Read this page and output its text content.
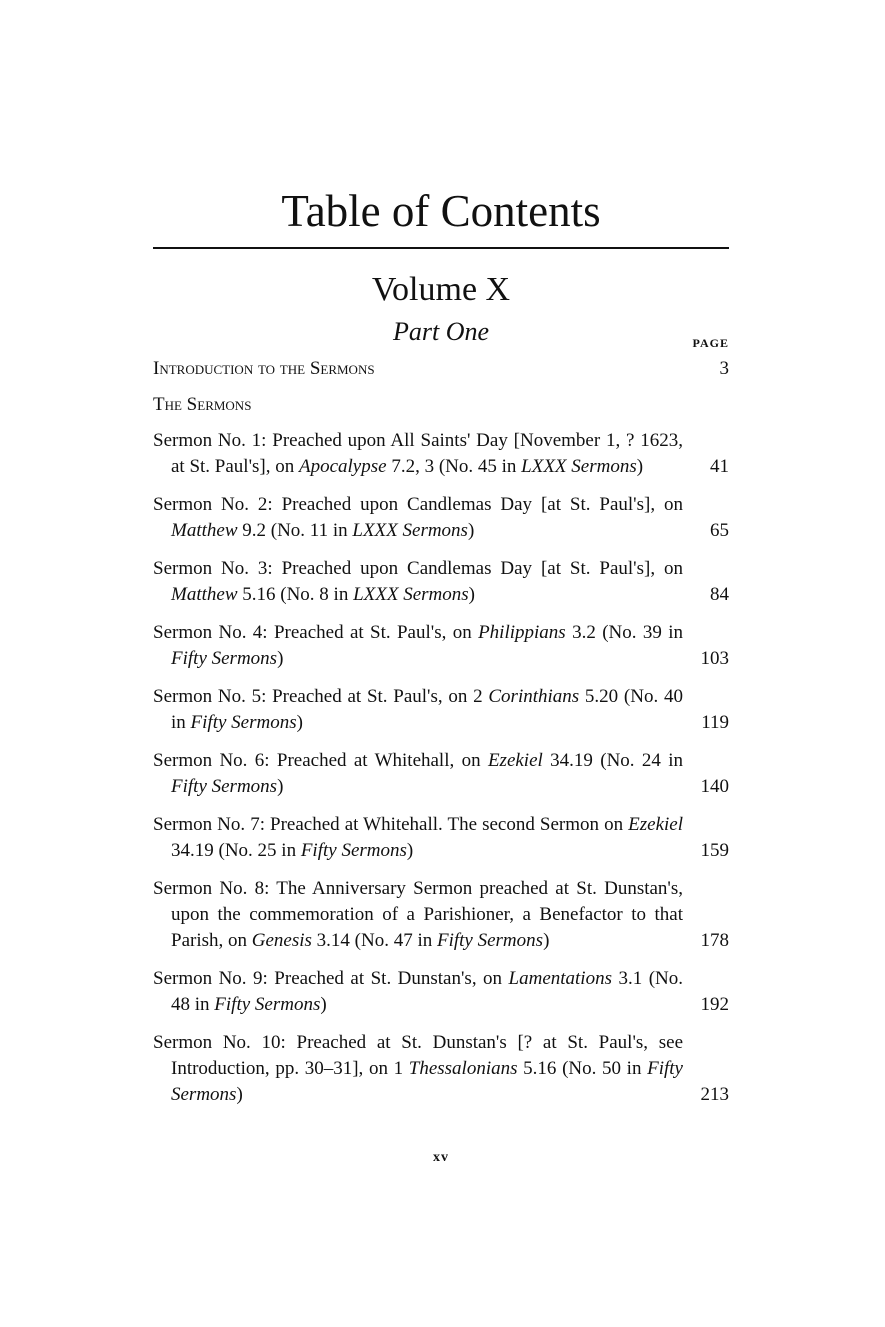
Table of Contents
Volume X
Part One	PAGE
Introduction to the Sermons	3
The Sermons
Sermon No. 1: Preached upon All Saints' Day [November 1, ? 1623, at St. Paul's], on Apocalypse 7.2, 3 (No. 45 in LXXX Sermons)	41
Sermon No. 2: Preached upon Candlemas Day [at St. Paul's], on Matthew 9.2 (No. 11 in LXXX Sermons)	65
Sermon No. 3: Preached upon Candlemas Day [at St. Paul's], on Matthew 5.16 (No. 8 in LXXX Sermons)	84
Sermon No. 4: Preached at St. Paul's, on Philippians 3.2 (No. 39 in Fifty Sermons)	103
Sermon No. 5: Preached at St. Paul's, on 2 Corinthians 5.20 (No. 40 in Fifty Sermons)	119
Sermon No. 6: Preached at Whitehall, on Ezekiel 34.19 (No. 24 in Fifty Sermons)	140
Sermon No. 7: Preached at Whitehall. The second Sermon on Ezekiel 34.19 (No. 25 in Fifty Sermons)	159
Sermon No. 8: The Anniversary Sermon preached at St. Dunstan's, upon the commemoration of a Parishioner, a Benefactor to that Parish, on Genesis 3.14 (No. 47 in Fifty Sermons)	178
Sermon No. 9: Preached at St. Dunstan's, on Lamentations 3.1 (No. 48 in Fifty Sermons)	192
Sermon No. 10: Preached at St. Dunstan's [? at St. Paul's, see Introduction, pp. 30–31], on 1 Thessalonians 5.16 (No. 50 in Fifty Sermons)	213
xv
